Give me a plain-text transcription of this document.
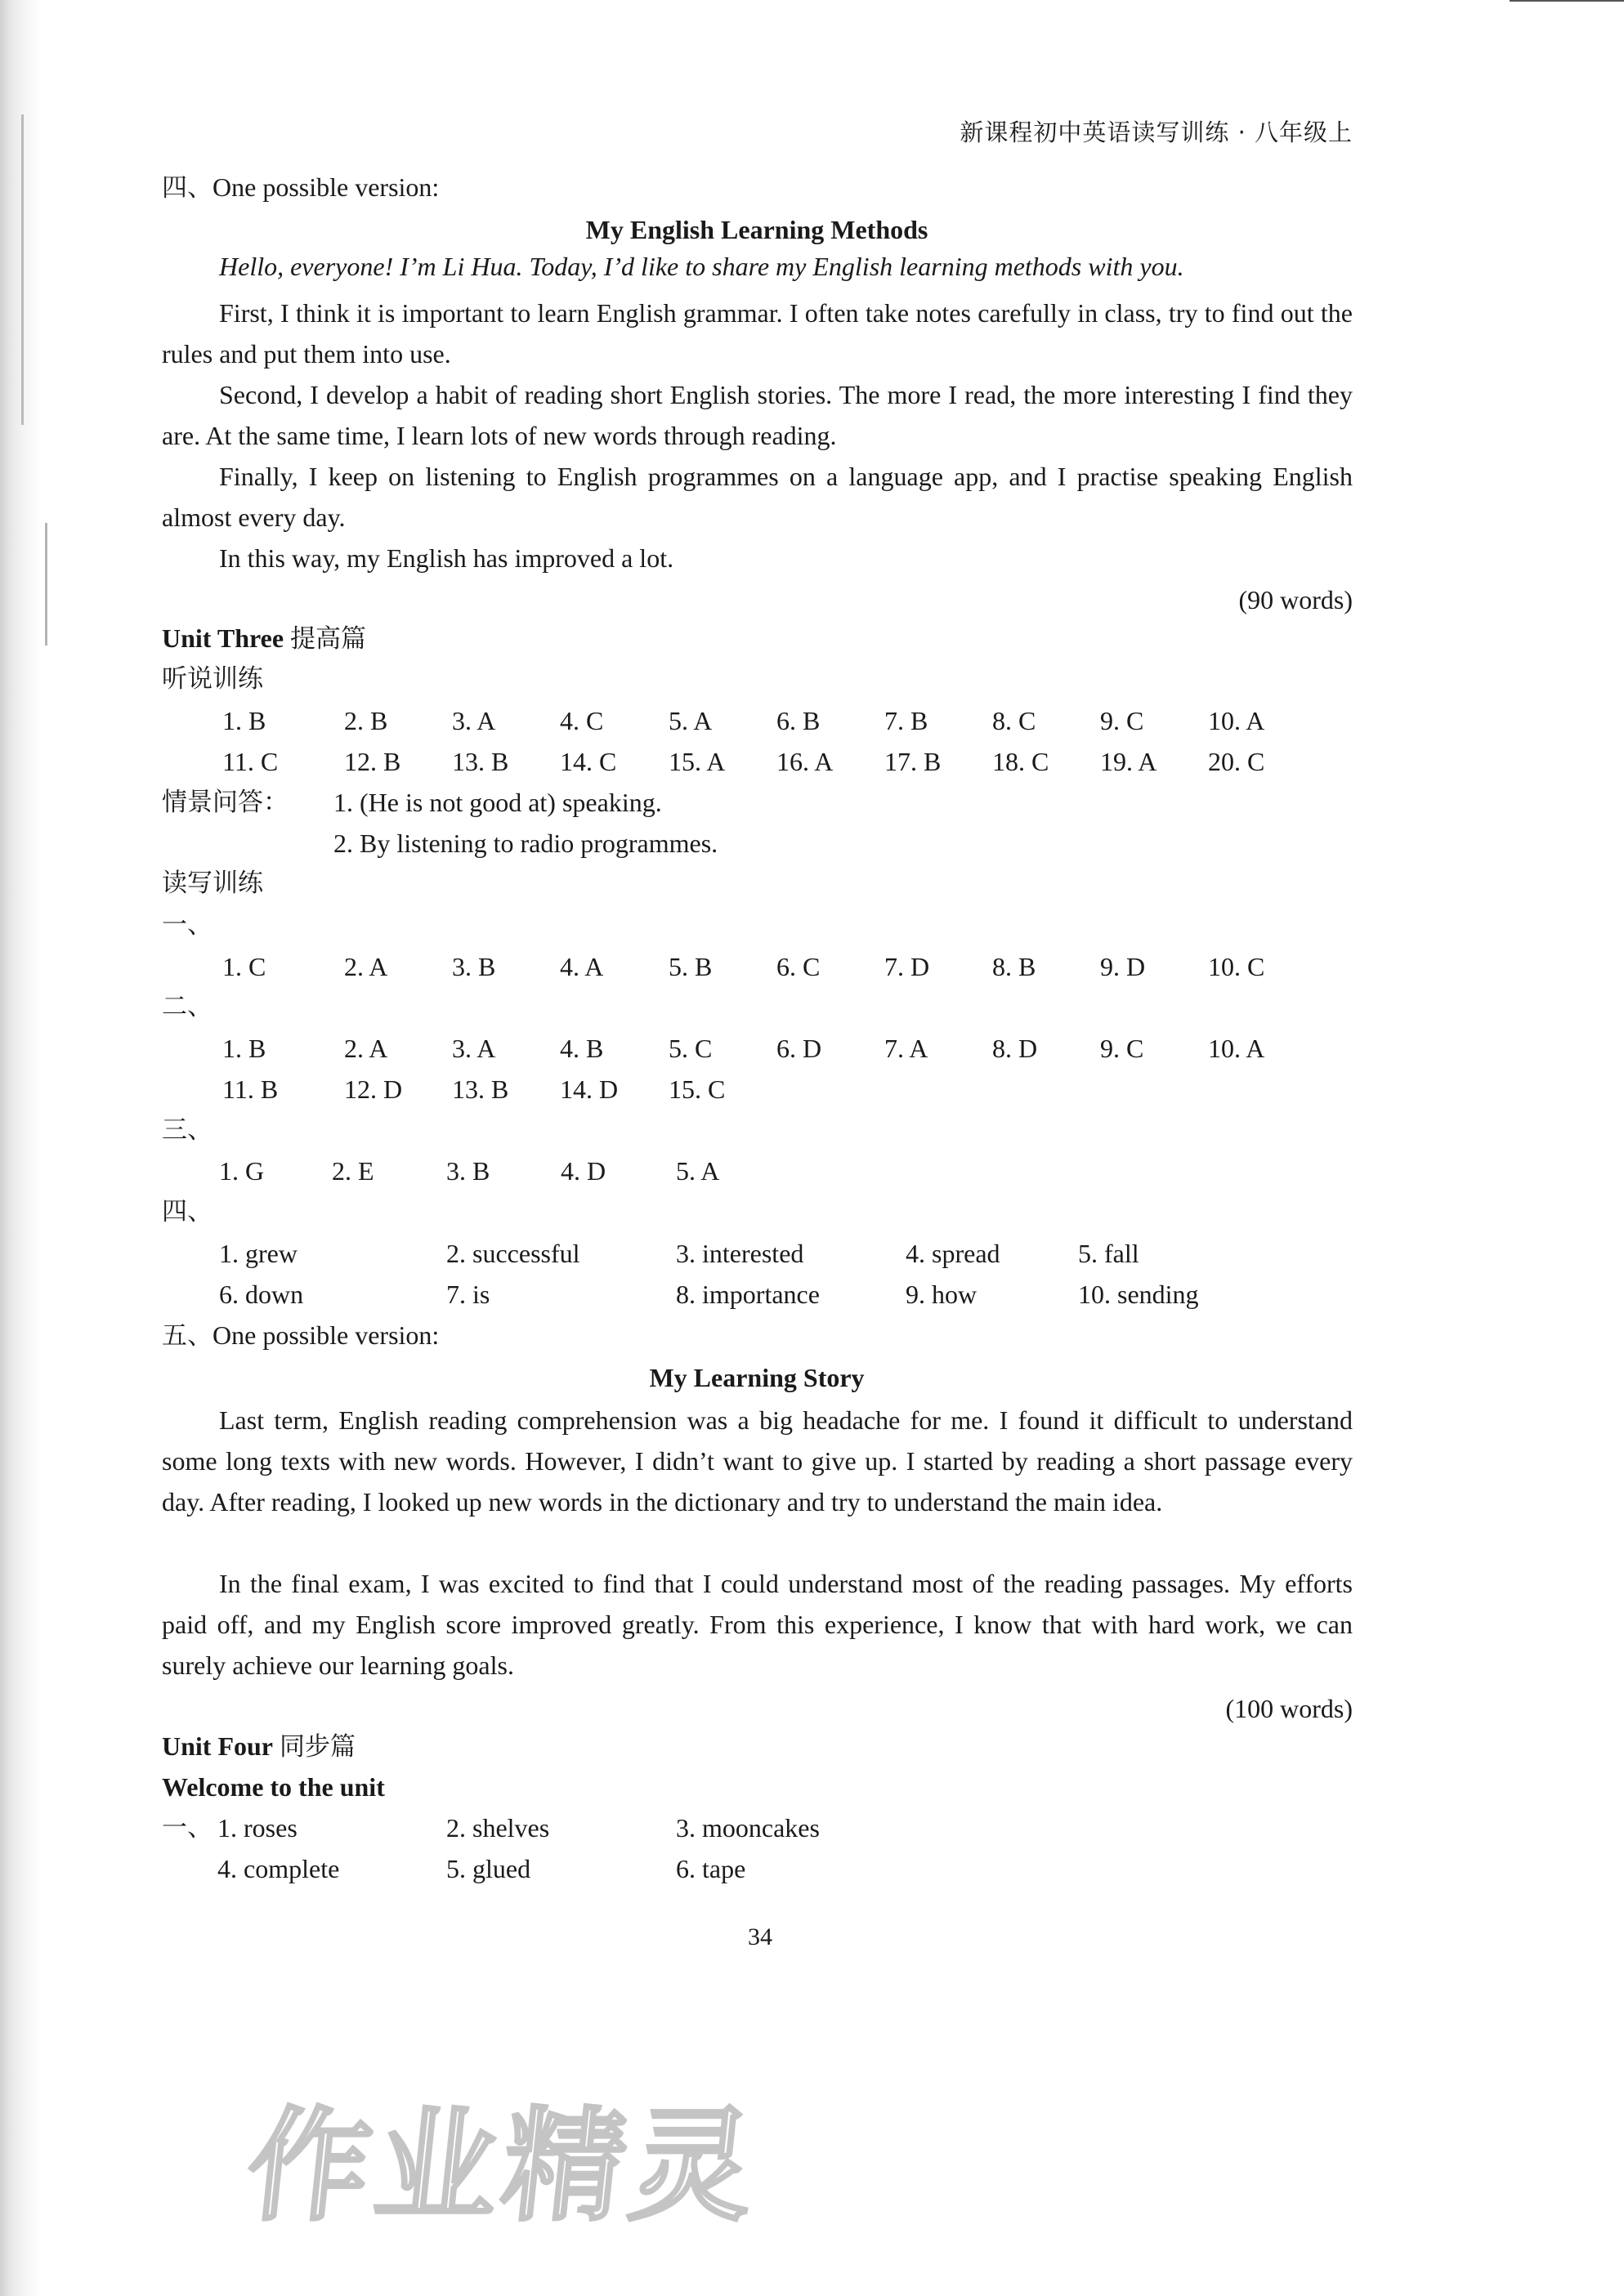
新课程初中英语读写训练 · 八年级上
四、One possible version:
My English Learning Methods
Hello, everyone! I’m Li Hua. Today, I’d like to share my English learning methods with you.
First, I think it is important to learn English grammar. I often take notes carefully in class, try to find out the rules and put them into use.
Second, I develop a habit of reading short English stories. The more I read, the more interesting I find they are. At the same time, I learn lots of new words through reading.
Finally, I keep on listening to English programmes on a language app, and I practise speaking English almost every day.
In this way, my English has improved a lot.
(90 words)
Unit Three 提高篇
听说训练
1. B	2. B 3. A 4. C 5. A 6. B 7. B 8. C 9. C 10. A
11. C	12. B 13. B 14. C 15. A 16. A 17. B 18. C 19. A 20. C
情景问答： 1. (He is not good at) speaking.
2. By listening to radio programmes.
读写训练
一、
1. C	2. A 3. B 4. A 5. B 6. C 7. D 8. B 9. D 10. C
二、
1. B	2. A 3. A 4. B 5. C 6. D 7. A 8. D 9. C 10. A
11. B	12. D 13. B 14. D 15. C
三、
1. G	2. E	3. B	4. D	5. A
四、
1. grew	2. successful	3. interested	4. spread	5. fall
6. down	7. is	8. importance	9. how	10. sending
五、One possible version:
My Learning Story
Last term, English reading comprehension was a big headache for me. I found it difficult to understand some long texts with new words. However, I didn’t want to give up. I started by reading a short passage every day. After reading, I looked up new words in the dictionary and try to understand the main idea.
In the final exam, I was excited to find that I could understand most of the reading passages. My efforts paid off, and my English score improved greatly. From this experience, I know that with hard work, we can surely achieve our learning goals.
(100 words)
Unit Four 同步篇
Welcome to the unit
一、 1. roses	2. shelves	3. mooncakes
4. complete	5. glued	6. tape
34
作业精灵
